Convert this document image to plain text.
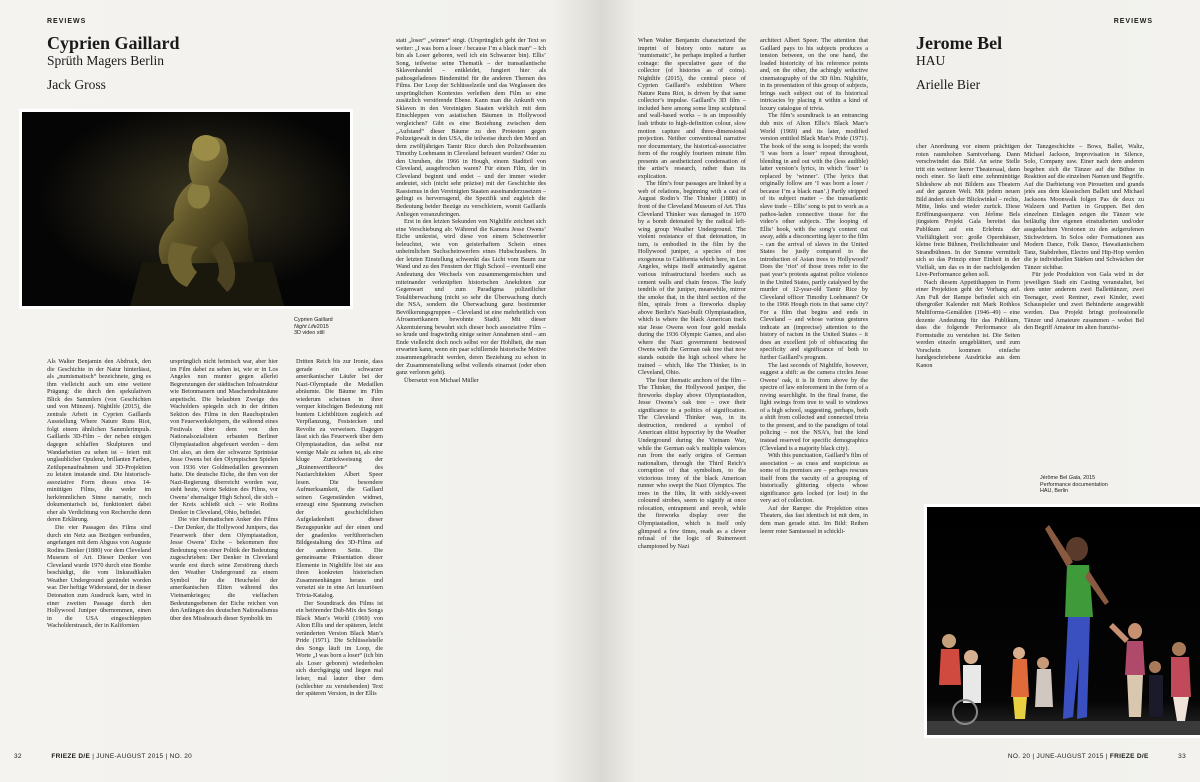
REVIEWS
Cyprien Gaillard
Sprüth Magers Berlin
Jack Gross
Cyprien Gaillard
Night Life2015
3D video still

statt „loser“ „winner“ singt. (Ursprünglich geht der Text so weiter: „I was born a loser / because I’m a black man“ – Ich bin als Loser geboren, weil ich ein Schwarzer bin). Ellis’ Song, teilweise seine Thematik – der transatlantische Sklavenhandel – entkleidet, fungiert hier als pathosgeladenes Bindemittel für die anderen Themen des Films. Der Loop der Schlüsselzeile und das Weglassen des ursprünglichen Kontextes verleihen dem Film so eine zusätzlich verstörende Ebene. Kann man die Ankunft von Sklaven in den Vereinigten Staaten wirklich mit dem Einschleppen von asiatischen Bäumen in Hollywood vergleichen? Gibt es eine Beziehung zwischen dem „Aufstand“ dieser Bäume zu den Protesten gegen Polizeigewalt in den USA, die teilweise durch den Mord an dem zwölfjährigen Tamir Rice durch den Polizeibeamten Timothy Loehmann in Cleveland befeuert wurden? Oder zu den Unruhen, die 1966 in Hough, einem Stadtteil von Cleveland, ausgebrochen waren? Für einen Film, der in Cleveland beginnt und endet – und der immer wieder andeutet, sich (nicht sehr präzise) mit der Geschichte des Rassismus in den Vereinigten Staaten auseinanderzusetzen – gelingt es hervorragend, die Spezifik und zugleich die Bedeutung beider Bezüge zu verschleiern, womit Gaillards Anliegen voranzubringen.

Erst in den letzten Sekunden von Nightlife zeichnet sich eine Verschiebung ab: Während die Kamera Jesse Owens’ Eiche umkreist, wird diese von einem Scheinwerfer beleuchtet, wie von geisterhaftem Schein eines unheimlichen Suchscheinwerfers eines Hubschraubers. In der letzten Einstellung schwenkt das Licht vom Baum zur Wand und zu den Fenstern der High School – eventuell eine Andeutung des Wechsels von zusammengemischten und miteinander verknüpften historischen Anekdoten zur Gegenwart und zum Paradigma polizeilicher Totalüberwachung (nicht so sehr die Überwachung durch die NSA, sondern die Überwachung ganz bestimmter Bevölkerungsgruppen – Cleveland ist eine mehrheitlich von Afroamerikanern bewohnte Stadt). Mit dieser Akzentuierung bewahrt sich dieser hoch assoziative Film – so krude und fragwürdig einige seiner Annahmen sind – am Ende vielleicht doch noch selbst vor der Hohlheit, die man erwarten kann, wenn ein paar schillernde historische Motive zusammengebracht werden, deren Beziehung zu schon in der Zusammenstellung selbst vollends einarrast (oder eben ganz verloren geht).

Übersetzt von Michael Müller

Als Walter Benjamin den Abdruck, den die Geschichte in der Natur hinterlässt, als „numismatisch“ bezeichnete, ging es ihm vielleicht auch um eine weitere Prägung: die durch den spekulativen Blick des Sammlers (von Geschichten und von Münzen). Nightlife (2015), die zentrale Arbeit in Cyprien Gaillards Ausstellung Where Nature Runs Riot, folgt einem ähnlichen Sammlerimpuls. Gaillards 3D-Film – der neben einigen dagegen schlaffen Skulpturen und Wandarbeiten zu sehen ist – feiert mit unglaublicher Opulenz, brillanten Farben, Zeitlupenaufnahmen und 3D-Projektion zu leisten imstande sind. Die historisch-assoziative Form dieses etwa 14-minütigen Films, die weder im herkömmlichen Sinne narrativ, noch dokumentarisch ist, funktioniert dabei eher als Verdichtung von Recherche denn deren Erklärung.

Die vier Passagen des Films sind durch ein Netz aus Bezügen verbunden, angefangen mit dem Abguss von Auguste Rodins Denker (1880) vor dem Cleveland Museum of Art. Dieser Denker von Cleveland wurde 1970 durch eine Bombe beschädigt, die vom linksradikalen Weather Underground gezündet worden war. Der heftige Widerstand, der in dieser Detonation zum Ausdruck kam, wird in einer zweiten Passage durch den Hollywood Juniper übernommen, einen in die USA eingeschleppten Wacholderstrauch, der in Kalifornien

ursprünglich nicht heimisch war, aber hier im Film dabei zu sehen ist, wie er in Los Angeles nun munter gegen allerlei Begrenzungen der städtischen Infrastruktur wie Betonmauern und Maschendrahtzäune anpeitscht. Die belaubten Zweige des Wacholders spiegeln sich in der dritten Sektion des Films in den Rauchspiralen von Feuerwerkskörpern, die während eines Festivals über dem von den Nationalsozialisten erbauten Berliner Olympiastadion abgefeuert werden – dem Ort also, an dem der schwarze Sprintstar Jesse Owens bei den Olympischen Spielen von 1936 vier Goldmedaillen gewonnen hatte. Die deutsche Eiche, die ihm von der Nazi-Regierung überreicht worden war, steht heute, vierte Sektion des Films, vor Owens’ ehemaliger High School, die sich – der Kreis schließt sich – wie Rodins Denker in Cleveland, Ohio, befindet.

Die vier thematischen Anker des Films – Der Denker, die Hollywood Junipers, das Feuerwerk über dem Olympiastadion, Jesse Owens’ Eiche – bekommen ihre Bedeutung von einer Politik der Bedeutung zugeschrieben: Der Denker in Cleveland wurde erst durch seine Zerstörung durch den Weather Underground zu einem Symbol für die Heucheleí der amerikanischen Eliten während des Vietnamkrieges; die vielfachen Bedeutungsebenen der Eiche reichen von den Anfängen des deutschen Nationalismus über den Missbrauch dieser Symbolik im

Dritten Reich bis zur Ironie, dass gerade ein schwarzer amerikanischer Läufer bei der Nazi-Olympiade die Medaillen abräumte. Die Bäume im Film wiederum scheinen in ihrer verquer kitschigen Bedeutung mit buntem Lichtblitzen zugleich auf Verpflanzung, Feststecken und Revolte zu verweisen. Dagegen lässt sich das Feuerwerk über dem Olympiastadion, das selbst nur wenige Male zu sehen ist, als eine kluge Zurückweisung der „Ruinenwerttheorie“ des Naziarchitekten Albert Speer lesen. Die besondere Aufmerksamkeit, die Gaillard seinen Gegenständen widmet, erzeugt eine Spannung zwischen der geschichtlichen Aufgeladenheit dieser Bezugspunkte auf der einen und der gnadenlos verführerischen Bildgestaltung des 3D-Films auf der anderen Seite. Die gemeinsame Präsentation dieser Elemente in Nightlife löst sie aus ihren konkreten historischen Zusammenhängen heraus und versetzt sie in eine Art luxuriösen Trivia-Katalog.

Der Soundtrack des Films ist ein betörender Dub-Mix des Songs Black Man’s World (1969) von Alton Ellis und der späteren, leicht veränderten Version Black Man’s Pride (1971). Die Schlüsselstelle des Songs läuft im Loop, die Worte „I was born a loser“ (ich bin als Loser geboren) wiederholen sich durchgängig und liegen mal leiser, mal lauter über dem (schlechter zu verstehenden) Text der späteren Version, in der Ellis

32	FRIEZE D/E | JUNE-AUGUST 2015 | NO. 20
REVIEWS

When Walter Benjamin characterized the imprint of history onto nature as ‘numismatic’, he perhaps implied a further coinage: the speculative gaze of the collector (of histories as of coins). Nightlife (2015), the central piece of Cyprien Gaillard’s exhibition Where Nature Runs Riot, is driven by that same collector’s impulse. Gaillard’s 3D film – included here among some limp sculptural and wall-based works – is an impossibly lush tribute to high-definition colour, slow motion capture and three-dimensional projection. Neither conventional narrative nor documentary, the historical-associative form of the roughly fourteen minute film presents an aestheticized condensation of the artist’s research, rather than its explication.

The film’s four passages are linked by a web of relations, beginning with a cast of August Rodin’s The Thinker (1880) in front of the Cleveland Museum of Art. This Cleveland Thinker was damaged in 1970 by a bomb detonated by the radical left-wing group Weather Underground. The violent resistance of that detonation, in turn, is embodied in the film by the Hollywood juniper, a species of tree exogenous to California which here, in Los Angeles, whips itself animatedly against various infrastructural borders such as cement walls and chain fences. The leafy tendrils of the juniper, meanwhile, mirror the smoke that, in the third section of the film, spirals from a fireworks display above Berlin’s Nazi-built Olympiastadion, which is where the black American track star Jesse Owens won four gold medals during the 1936 Olympic Games, and also where the Nazi government bestowed Owens with the German oak tree that now stands outside the high school where he trained – which, like The Thinker, is in Cleveland, Ohio.

The four thematic anchors of the film – The Thinker, the Hollywood juniper, the fireworks display above Olympiastadion, Jesse Owens’s oak tree – owe their significance to a politics of signification. The Cleveland Thinker was, in its destruction, rendered a symbol of American elitist hypocrisy by the Weather Underground during the Vietnam War, while the German oak’s multiple valences run from the early origins of German nationalism, through the Third Reich’s corruption of that symbolism, to the victorious irony of the black American runner who swept the Nazi Olympics. The trees in the film, lit with sickly-sweet coloured strobes, seem to signify at once relocation, entrapment and revolt, while the fireworks display over the Olympiastadion, which is itself only glimpsed a few times, reads as a clever refusal of the logic of Ruinenwert championed by Nazi

architect Albert Speer. The attention that Gaillard pays to his subjects produces a tension between, on the one hand, the loaded historicity of his reference points and, on the other, the achingly seductive cinematography of the 3D film. Nightlife, in its presentation of this group of subjects, brings each subject out of its historical intricacies by placing it within a kind of luxury catalogue of trivia.

The film’s soundtrack is an entrancing dub mix of Alton Ellis’s Black Man’s World (1969) and its later, modified version entitled Black Man’s Pride (1971). The hook of the song is looped; the words ‘I was born a loser’ repeat throughout, blending in and out with the (less audible) latter version’s lyrics, in which ‘loser’ is replaced by ‘winner’. (The lyrics that originally follow are ‘I was born a loser / because I’m a black man’.) Partly stripped of its subject matter – the transatlantic slave trade – Ellis’ song is put to work as a pathos-laden connective tissue for the video’s other subjects. The looping of Ellis’ hook, with the song’s content cut away, adds a disconcerting layer to the film – can the arrival of slaves in the United States be justly compared to the introduction of Asian trees to Hollywood? Does the ‘riot’ of those trees refer to the past year’s protests against police violence in the United States, partly catalysed by the murder of 12-year-old Tamir Rice by Cleveland officer Timothy Loehmann? Or to the 1966 Hough riots in that same city? For a film that begins and ends in Cleveland – and whose various gestures indicate an (imprecise) attention to the history of racism in the United States – it does an excellent job of obfuscating the specificity and significance of both to further Gaillard’s program.

The last seconds of Nightlife, however, suggest a shift: as the camera circles Jesse Owens’ oak, it is lit from above by the spectre of law enforcement in the form of a roving searchlight. In the final frame, the light swings from tree to wall to windows of a high school, suggesting, perhaps, both a shift from collected and connected trivia to the present, and to the paradigm of total policing – not the NSA’s, but the kind instead reserved for specific demographics (Cleveland is a majority black city).

With this punctuation, Gaillard’s film of association – as crass and suspicious as some of its premises are – perhaps rescues itself from the vacuity of a grouping of historically glittering objects whose significance gets locked (or lost) in the very act of collection.

Auf der Rampe: die Projektion eines Theaters, das fast identisch ist mit dem, in dem man gerade sitzt. Im Bild: Reihen leerer roter Samtsessel in schickli-

Jerome Bel
HAU
Arielle Bier

cher Anordnung vor einem prächtigen roten raumhohen Samtvorhang. Dann verschwindet das Bild. An seine Stelle tritt ein weiterer leerer Theatersaal, dann noch einer. So läuft eine zehnminütige Slideshow ab mit Bildern aus Theatern auf der ganzen Welt. Mit jedem neuen Bild ändert sich der Blickwinkel – rechts, Mitte, links und wieder zurück. Diese Eröffnungssequenz von Jérôme Bels jüngstem Projekt Gala bereitet das Publikum auf ein Erlebnis der Vielfältigkeit vor: große Opernhäuser, kleine freie Bühnen, Freilichttheater und Strandbühnen. In der Summe vermittelt sich so das Prinzip einer Einheit in der Vielfalt, um das es in der nachfolgenden Live-Performance gehen soll.

Nach diesem Appetithappen in Form einer Projektion geht der Vorhang auf. Am Fuß der Rampe befindet sich ein übergroßer Kalender mit Mark Rothkos Multiforms-Gemälden (1946–49) – eine dezente Andeutung für das Publikum, dass die folgende Performance als Formstudie zu verstehen ist. Die Seiten werden einzeln umgeblättert, und zum Vorschein kommen einfache handgeschriebene Ausdrücke aus dem Kanon

der Tanzgeschichte – Bows, Ballet, Waltz, Michael Jackson, Improvisation in Silence, Solo, Company usw. Einer nach dem anderen begeben sich die Tänzer auf die Bühne in Reaktion auf die einzelnen Namen und Begriffe. Auf die Darbietung von Pirouetten und grands jetés aus dem klassischen Ballett und Michael Jacksons Moonwalk folgen Pas de deux zu Walzern und Partien in Gruppen. Bei den einzelnen Einlagen zeigen die Tänzer wie beiläufig ihre eigenen einstudierten und/oder ausgedachten Versionen zu den aufgerufenen Stichwörtern. In Solos oder Formationen aus Modern Dance, Folk Dance, Hawaiianischem Tanz, Stabdrehen, Electro und Hip-Hop werden die je individuellen Stärken und Schwächen der Tänzer sichtbar.

Für jede Produktion von Gala wird in der jeweiligen Stadt ein Casting veranstaltet, bei dem unter anderem zwei Balletttänzer, zwei Teenager, zwei Rentner, zwei Kinder, zwei Schauspieler und zwei Behinderte ausgewählt werden. Das Projekt bringt professionelle Tänzer und Amateure zusammen – wobei Bel den Begriff Amateur im alten französi-

Jérôme Bel Gala, 2015
Performance documentation
HAU, Berlin
NO. 20 | JUNE-AUGUST 2015 | FRIEZE D/E	33
